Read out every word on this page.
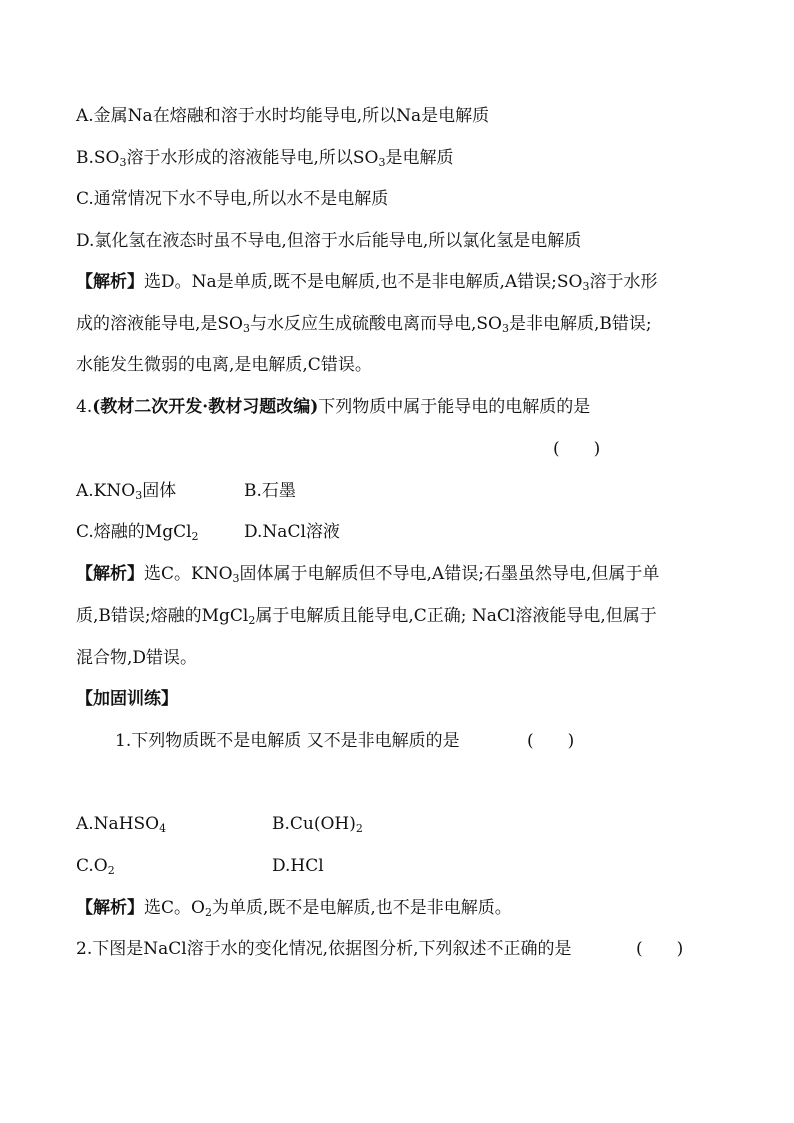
A.金属Na在熔融和溶于水时均能导电,所以Na是电解质
$B.SO_3$溶于水形成的溶液能导电,所以$SO_3$是电解质
C.通常情况下水不导电,所以水不是电解质
D.氯化氢在液态时虽不导电,但溶于水后能导电,所以氯化氢是电解质
【解析】选D。Na是单质,既不是电解质,也不是非电解质,A错误$;SO_3$溶于水形
成的溶液能导电,是$SO_3$与水反应生成硫酸电离而导电$,SO_3$是非电解质,B错误;
水能发生微弱的电离,是电解质,C错误。
4.(教材二次开发·教材习题改编)下列物质中属于能导电的电解质的是
(　　)
$A.KNO_3$固体	B.石墨
C.熔融的MgCl$_2$	D.NaCl溶液
【解析】选C。$KNO_3$固体属于电解质但不导电,A错误;石墨虽然导电,但属于单
质,B错误;熔融的MgCl$_2$属于电解质且能导电,C正确; NaCl溶液能导电,但属于
混合物,D错误。
【加固训练】
1.下列物质既不是电解质 又不是非电解质的是	(　　)
A.NaHSO$_4$	$B.Cu(OH)_2$
$C.O_2$	D.HCl
【解析】选C。$O_2$为单质,既不是电解质,也不是非电解质。
2.下图是NaCl溶于水的变化情况,依据图分析,下列叙述不正确的是	(　　)
